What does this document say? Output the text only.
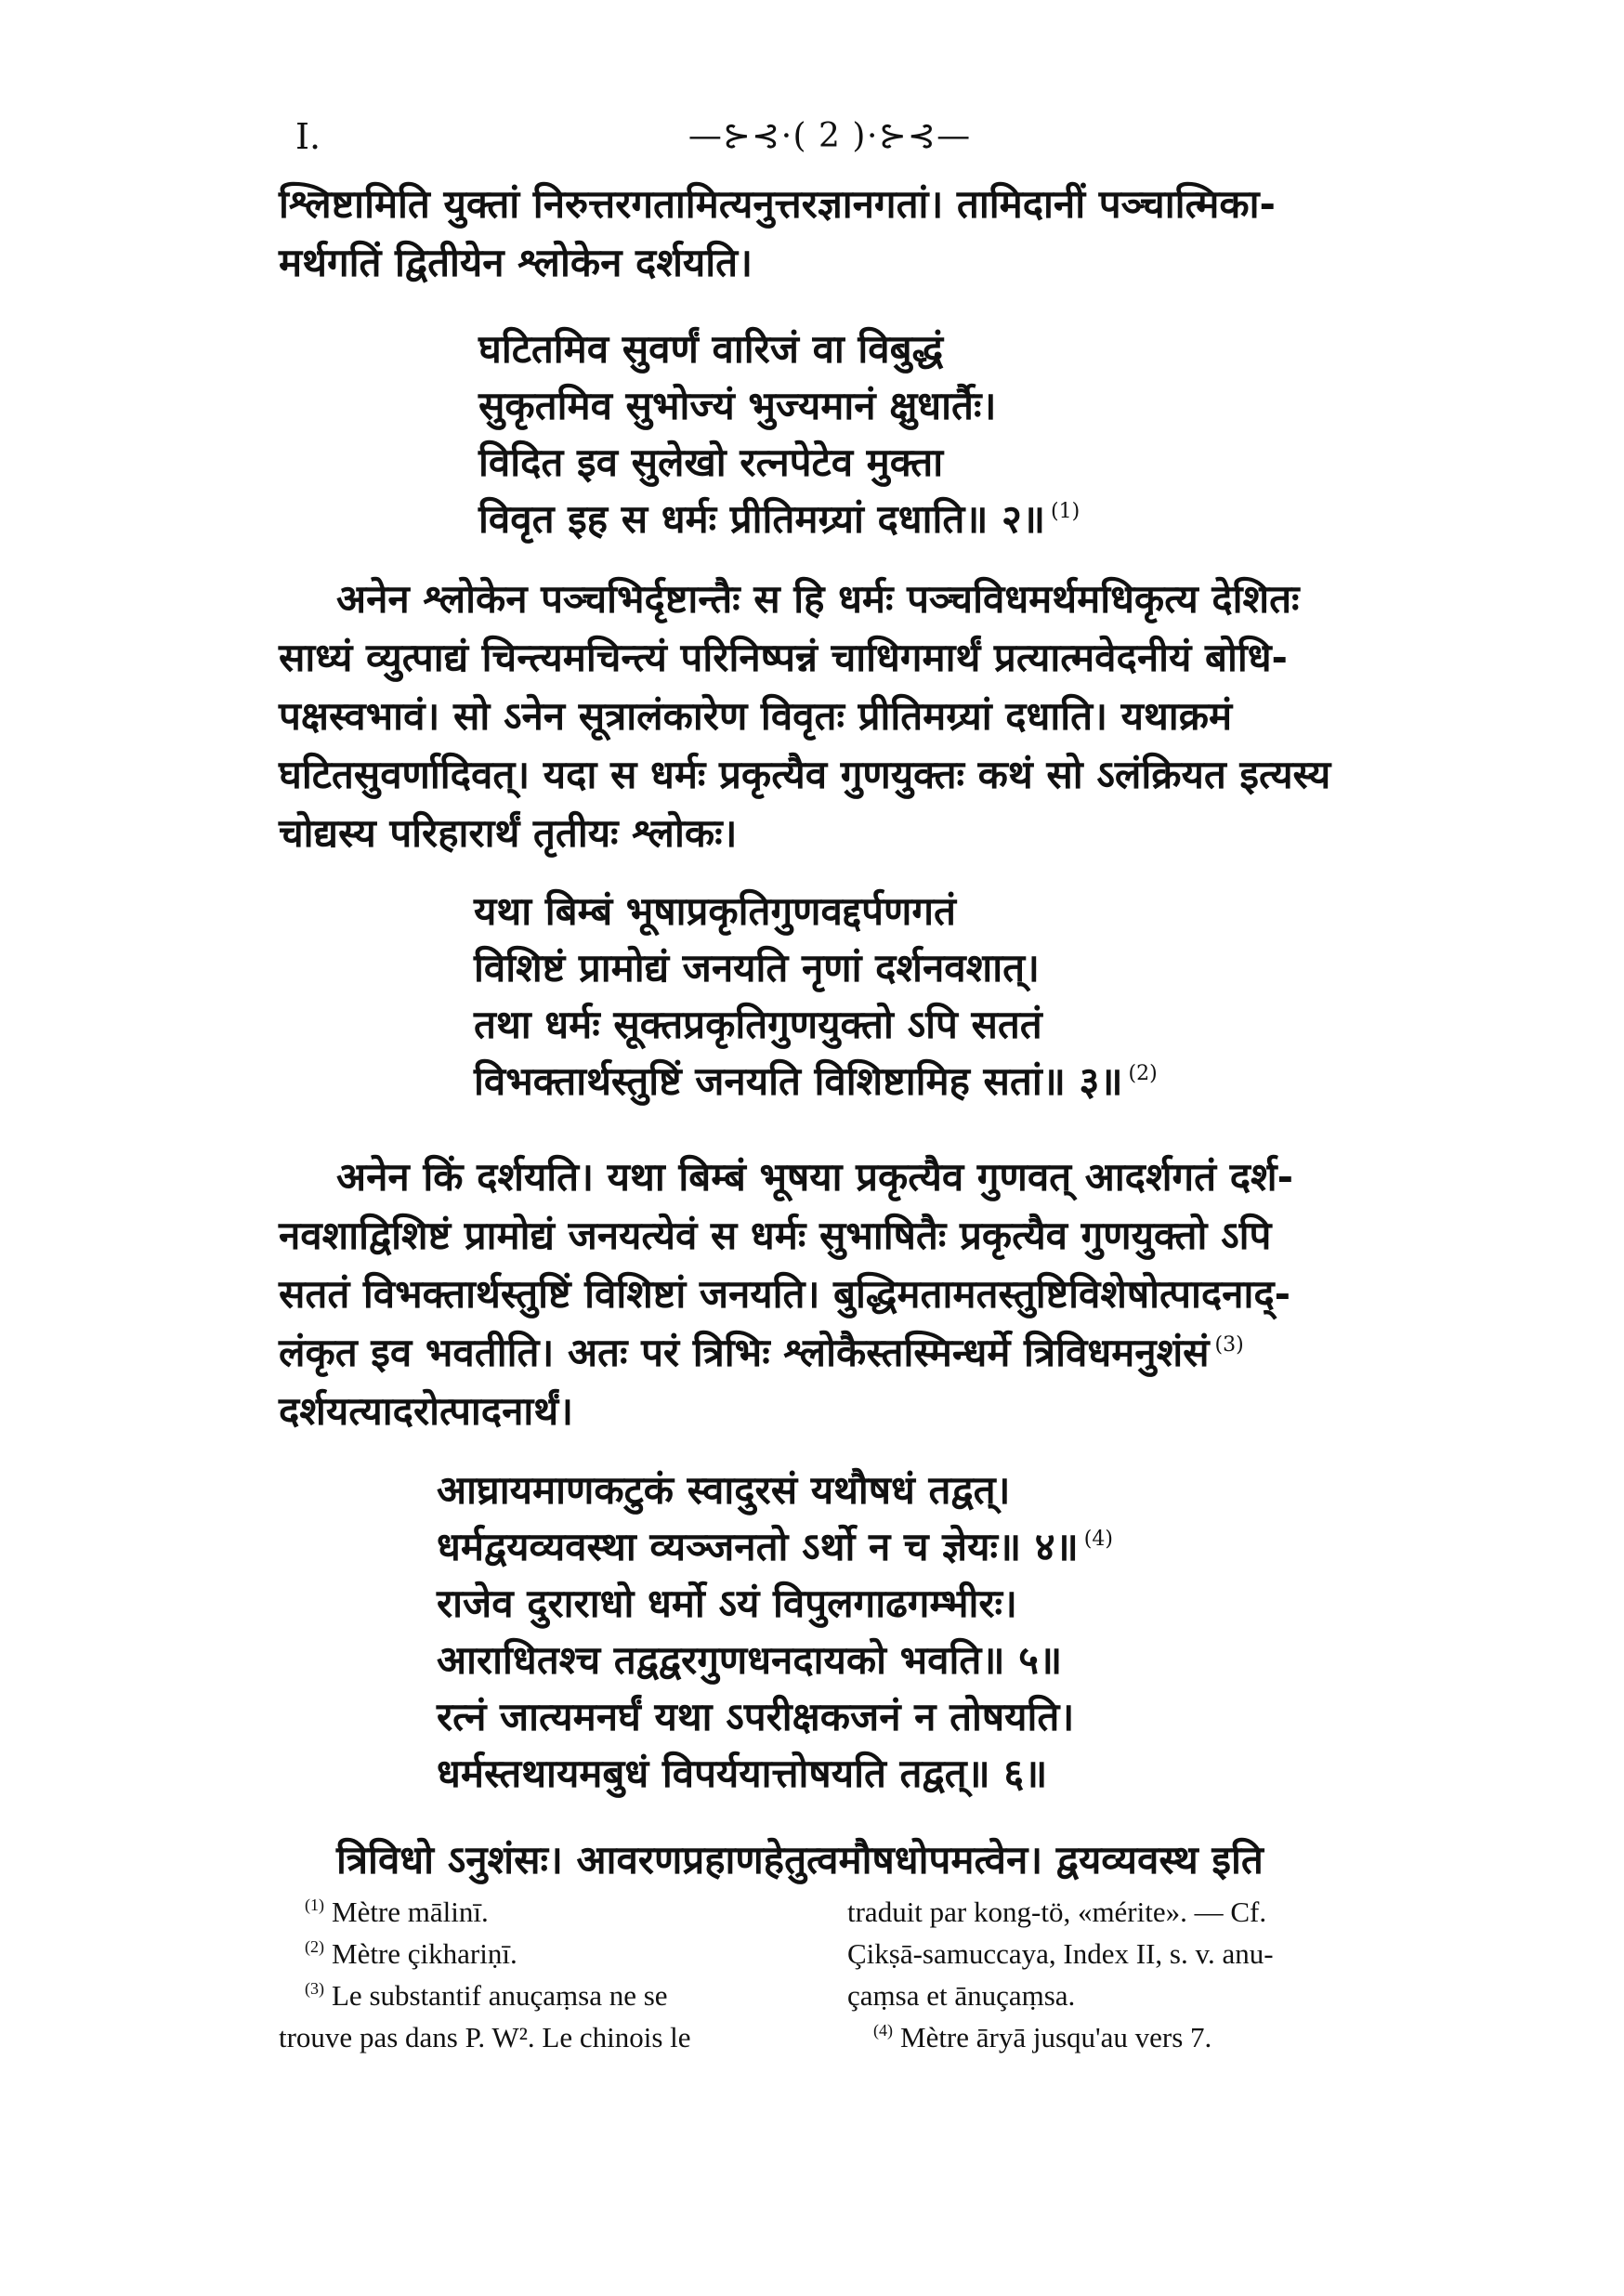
I.	—⊱⊰⋅( 2 )⋅⊱⊰—
श्लिष्टामिति युक्तां निरुत्तरगतामित्यनुत्तरज्ञानगतां। तामिदानीं पञ्चात्मिका-
मर्थगतिं द्वितीयेन श्लोकेन दर्शयति।
घटितमिव सुवर्णं वारिजं वा विबुद्धं
सुकृतमिव सुभोज्यं भुज्यमानं क्षुधार्तैः।
विदित इव सुलेखो रत्नपेटेव मुक्ता
विवृत इह स धर्मः प्रीतिमग्र्यां दधाति॥ २॥ $^{(1)}$
अनेन श्लोकेन पञ्चभिर्दृष्टान्तैः स हि धर्मः पञ्चविधमर्थमधिकृत्य देशितः
साध्यं व्युत्पाद्यं चिन्त्यमचिन्त्यं परिनिष्पन्नं चाधिगमार्थं प्रत्यात्मवेदनीयं बोधि-
पक्षस्वभावं। सो ऽनेन सूत्रालंकारेण विवृतः प्रीतिमग्र्यां दधाति। यथाक्रमं
घटितसुवर्णादिवत्। यदा स धर्मः प्रकृत्यैव गुणयुक्तः कथं सो ऽलंक्रियत इत्यस्य
चोद्यस्य परिहारार्थं तृतीयः श्लोकः।
यथा बिम्बं भूषाप्रकृतिगुणवद्दर्पणगतं
विशिष्टं प्रामोद्यं जनयति नृणां दर्शनवशात्।
तथा धर्मः सूक्तप्रकृतिगुणयुक्तो ऽपि सततं
विभक्तार्थस्तुष्टिं जनयति विशिष्टामिह सतां॥ ३॥ $^{(2)}$
अनेन किं दर्शयति। यथा बिम्बं भूषया प्रकृत्यैव गुणवत् आदर्शगतं दर्श-
नवशाद्विशिष्टं प्रामोद्यं जनयत्येवं स धर्मः सुभाषितैः प्रकृत्यैव गुणयुक्तो ऽपि
सततं विभक्तार्थस्तुष्टिं विशिष्टां जनयति। बुद्धिमतामतस्तुष्टिविशेषोत्पादनाद्-
लंकृत इव भवतीति। अतः परं त्रिभिः श्लोकैस्तस्मिन्धर्मे त्रिविधमनुशंसं $^{(3)}$
दर्शयत्यादरोत्पादनार्थं।
आघ्रायमाणकटुकं स्वादुरसं यथौषधं तद्वत्।
धर्मद्वयव्यवस्था व्यञ्जनतो ऽर्थो न च ज्ञेयः॥ ४॥ $^{(4)}$
राजेव दुराराधो धर्मो ऽयं विपुलगाढगम्भीरः।
आराधितश्च तद्वद्वरगुणधनदायको भवति॥ ५॥
रत्नं जात्यमनर्घं यथा ऽपरीक्षकजनं न तोषयति।
धर्मस्तथायमबुधं विपर्ययात्तोषयति तद्वत्॥ ६॥
त्रिविधो ऽनुशंसः। आवरणप्रहाणहेतुत्वमौषधोपमत्वेन। द्वयव्यवस्थ इति
$^{(1)}$ Mètre mālinī.
$^{(2)}$ Mètre çikhariṇī.
$^{(3)}$ Le substantif anuçaṃsa ne se
trouve pas dans P. W². Le chinois le
traduit par kong-tö, «mérite». — Cf.
Çikṣā-samuccaya, Index II, s. v. anu-
çaṃsa et ānuçaṃsa.
$^{(4)}$ Mètre āryā jusqu'au vers 7.
